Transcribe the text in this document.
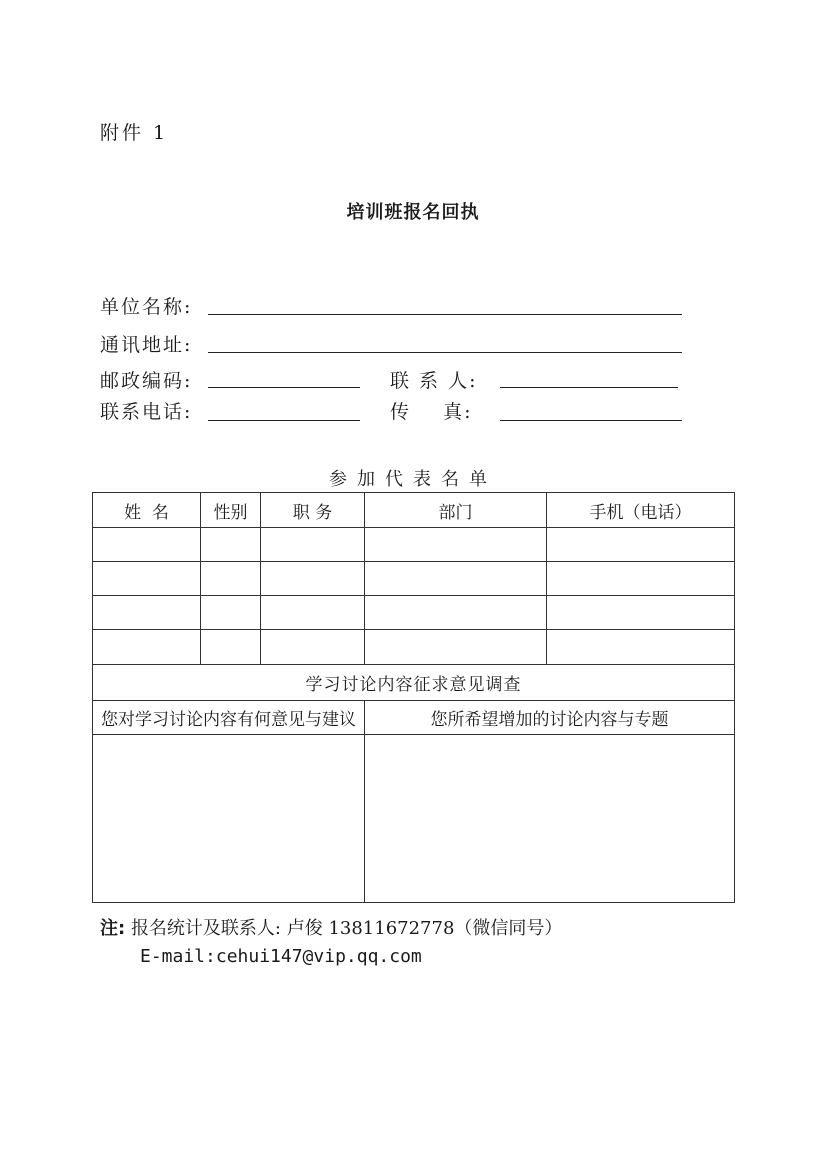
附件 1
培训班报名回执
单位名称:
通讯地址:
邮政编码:	联 系 人:
联系电话:	传    真:
参加代表名单
姓  名	性别	职 务	部门	手机（电话）

学习讨论内容征求意见调查				
您对学习讨论内容有何意见与建议			您所希望增加的讨论内容与专题	

注: 报名统计及联系人: 卢俊 13811672778（微信同号）
E-mail:cehui147@vip.qq.com
